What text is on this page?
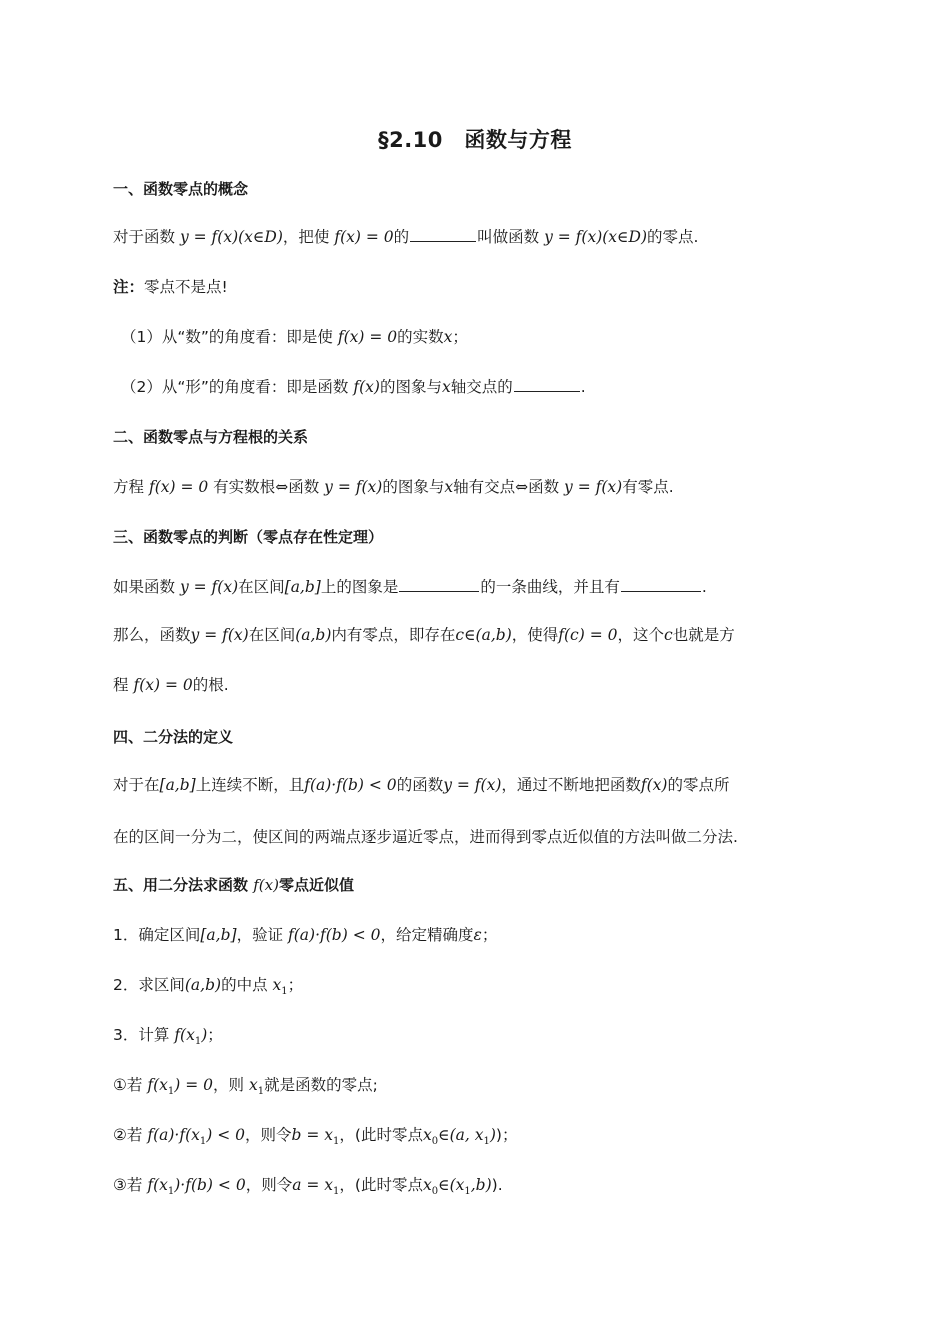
§2.10　函数与方程
一、函数零点的概念
对于函数 y = f(x)(x∈D)，把使 f(x) = 0的	叫做函数 y = f(x)(x∈D)的零点.
注：零点不是点!
（1）从“数”的角度看：即是使 f(x) = 0的实数x；
（2）从“形”的角度看：即是函数 f(x)的图象与x轴交点的	.
二、函数零点与方程根的关系
方程 f(x) = 0 有实数根⇔函数 y = f(x)的图象与x轴有交点⇔函数 y = f(x)有零点.
三、函数零点的判断（零点存在性定理）
如果函数 y = f(x)在区间[a,b]上的图象是	的一条曲线，并且有	.
那么，函数y = f(x)在区间(a,b)内有零点，即存在c∈(a,b)，使得f(c) = 0，这个c也就是方
程 f(x) = 0的根.
四、二分法的定义
对于在[a,b]上连续不断，且f(a)·f(b) < 0的函数y = f(x)，通过不断地把函数f(x)的零点所
在的区间一分为二，使区间的两端点逐步逼近零点，进而得到零点近似值的方法叫做二分法.
五、用二分法求函数 f(x)零点近似值
1．确定区间[a,b]，验证 f(a)·f(b) < 0，给定精确度ε；
2．求区间(a,b)的中点 $x_1$；
3．计算 $f(x_1)$；
①若 $f(x_1) = 0$，则 $x_1$就是函数的零点;
②若 $f(a)\cdot f(x_1) < 0$，则令$b = x_1$，(此时零点$x_0\in(a$, $x_1$))；
③若 $f(x_1)\cdot f(b) < 0$，则令$a = x_1$，(此时零点$x_0\in(x_1,b)$).
